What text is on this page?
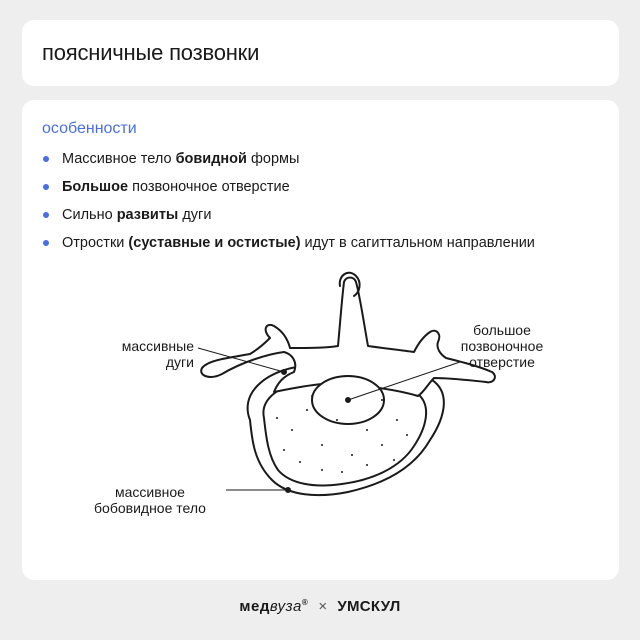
поясничные позвонки
особенности
Массивное тело бовидной формы
Большое позвоночное отверстие
Сильно развиты дуги
Отростки (суставные и остистые) идут в сагиттальном направлении
массивные
дуги
большое
позвоночное
отверстие
массивное
бобовидное тело
медвуза® × УМСКУЛ
